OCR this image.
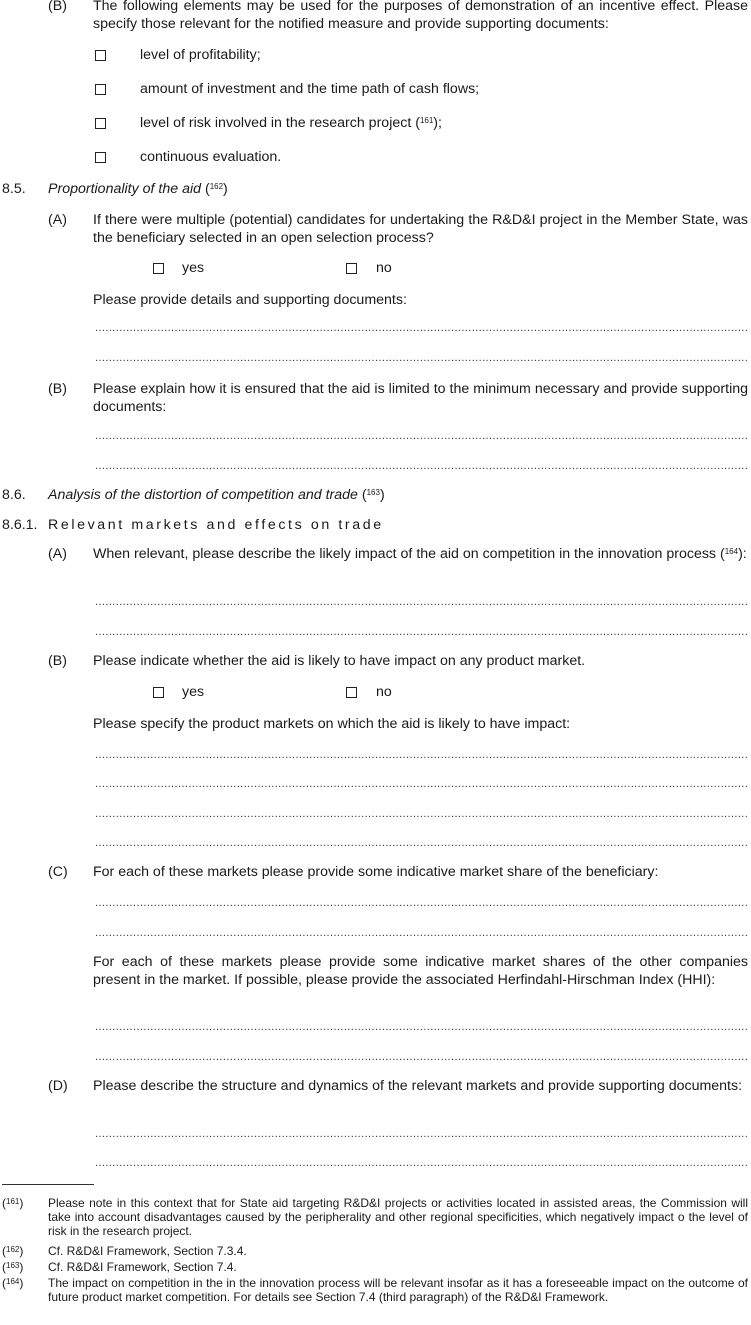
(B) The following elements may be used for the purposes of demonstration of an incentive effect. Please specify those relevant for the notified measure and provide supporting documents:
level of profitability;
amount of investment and the time path of cash flows;
level of risk involved in the research project ($^{161}$);
continuous evaluation.
8.5. Proportionality of the aid ($^{162}$)
(A) If there were multiple (potential) candidates for undertaking the R&D&I project in the Member State, was the beneficiary selected in an open selection process?
yes	no
Please provide details and supporting documents:
.....
.....
(B) Please explain how it is ensured that the aid is limited to the minimum necessary and provide supporting documents:
.....
.....
8.6. Analysis of the distortion of competition and trade ($^{163}$)
8.6.1. Relevant markets and effects on trade
(A) When relevant, please describe the likely impact of the aid on competition in the innovation process ($^{164}$):
.....
.....
(B) Please indicate whether the aid is likely to have impact on any product market.
yes	no
Please specify the product markets on which the aid is likely to have impact:
.....
.....
.....
.....
(C) For each of these markets please provide some indicative market share of the beneficiary:
.....
.....
For each of these markets please provide some indicative market shares of the other companies present in the market. If possible, please provide the associated Herfindahl-Hirschman Index (HHI):
.....
.....
(D) Please describe the structure and dynamics of the relevant markets and provide supporting documents:
.....
.....
($^{161}$) Please note in this context that for State aid targeting R&D&I projects or activities located in assisted areas, the Commission will take into account disadvantages caused by the peripherality and other regional specificities, which negatively impact o the level of risk in the research project.
($^{162}$) Cf. R&D&I Framework, Section 7.3.4.
($^{163}$) Cf. R&D&I Framework, Section 7.4.
($^{164}$) The impact on competition in the in the innovation process will be relevant insofar as it has a foreseeable impact on the outcome of future product market competition. For details see Section 7.4 (third paragraph) of the R&D&I Framework.
